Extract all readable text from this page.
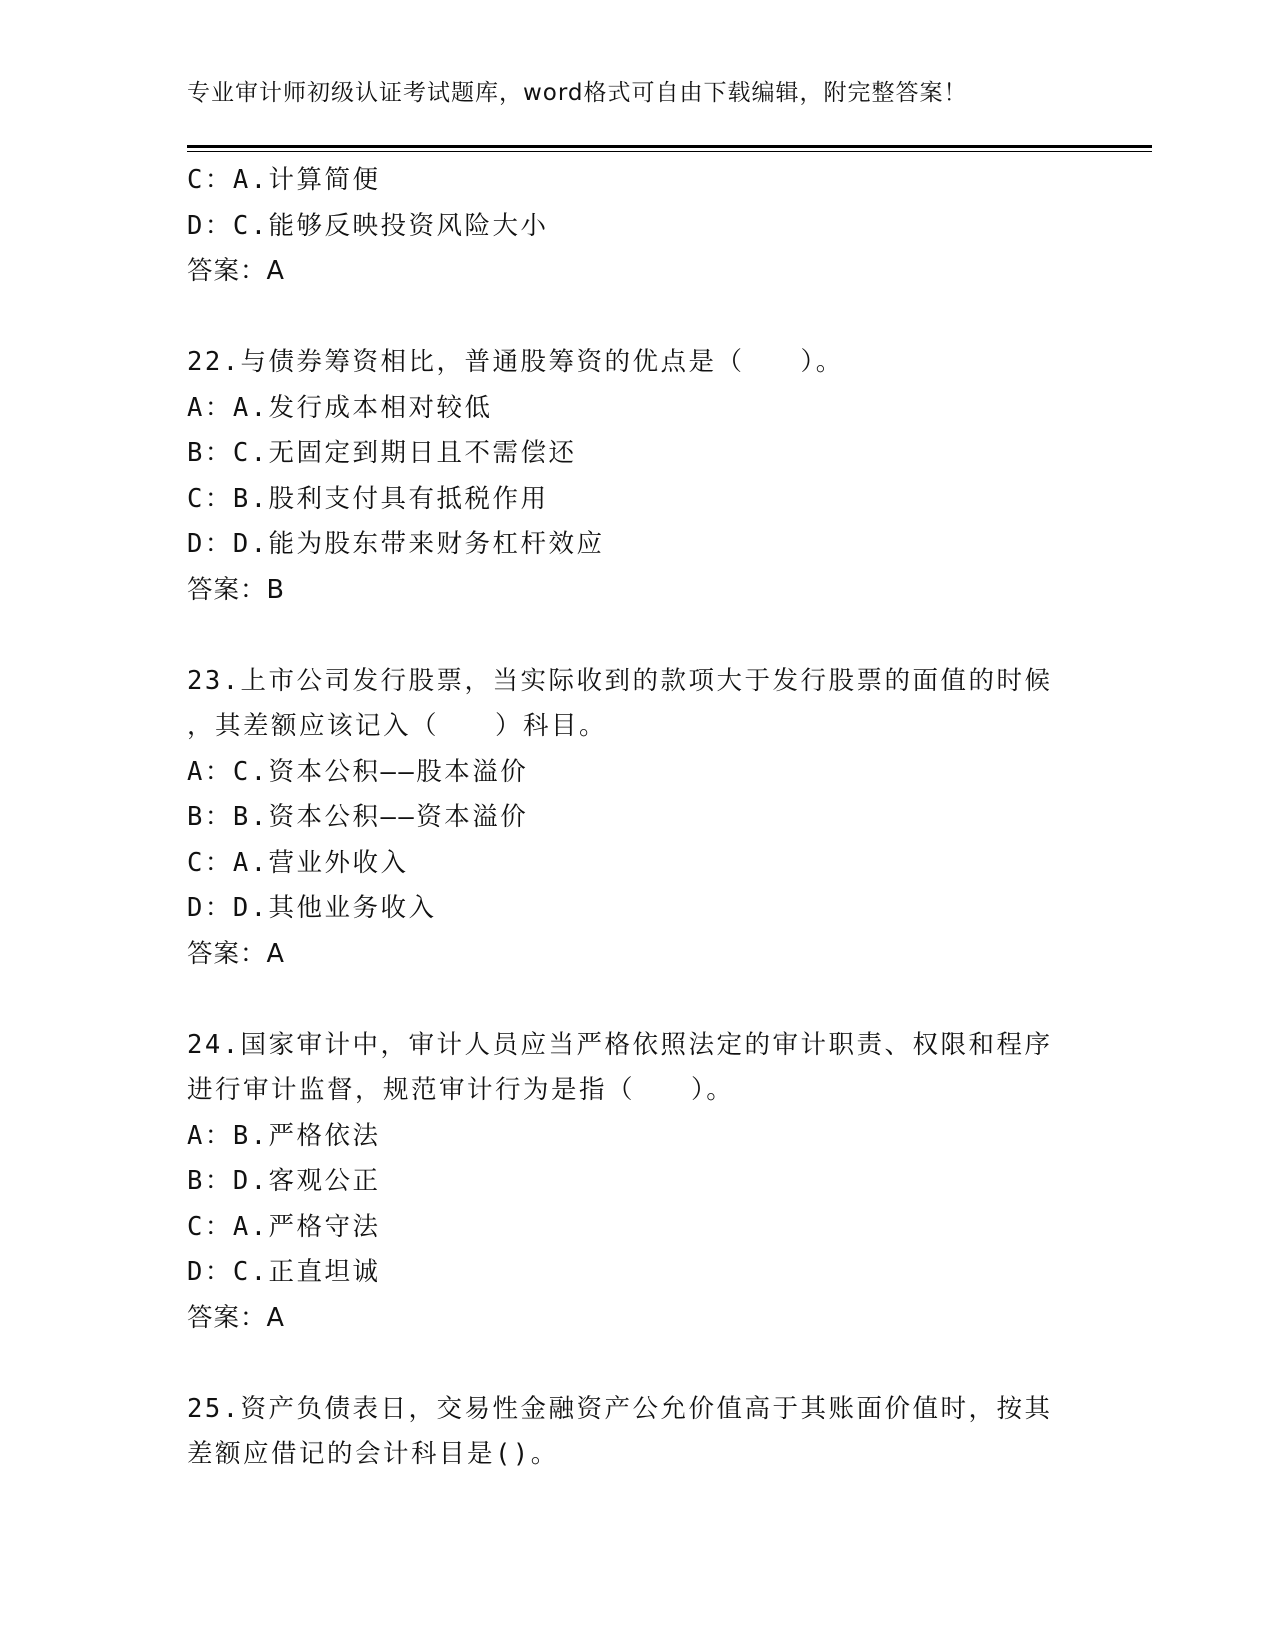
专业审计师初级认证考试题库，word格式可自由下载编辑，附完整答案！
C：A.计算简便
D：C.能够反映投资风险大小
答案：A
22.与债券筹资相比，普通股筹资的优点是（　　）。
A：A.发行成本相对较低
B：C.无固定到期日且不需偿还
C：B.股利支付具有抵税作用
D：D.能为股东带来财务杠杆效应
答案：B
23.上市公司发行股票，当实际收到的款项大于发行股票的面值的时候
，其差额应该记入（　　）科目。
A：C.资本公积——股本溢价
B：B.资本公积——资本溢价
C：A.营业外收入
D：D.其他业务收入
答案：A
24.国家审计中，审计人员应当严格依照法定的审计职责、权限和程序
进行审计监督，规范审计行为是指（　　）。
A：B.严格依法
B：D.客观公正
C：A.严格守法
D：C.正直坦诚
答案：A
25.资产负债表日，交易性金融资产公允价值高于其账面价值时，按其
差额应借记的会计科目是()。
